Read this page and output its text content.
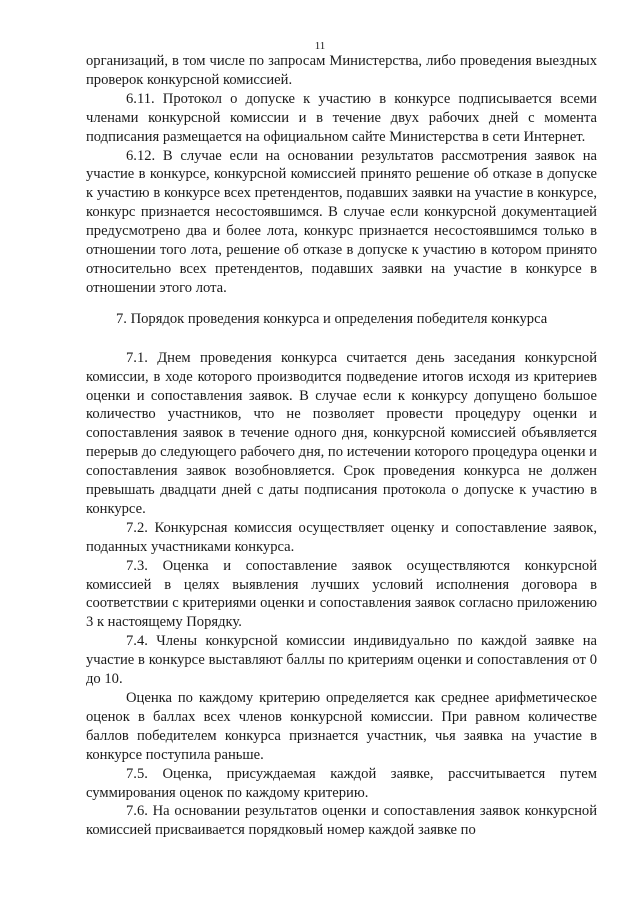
11

организаций, в том числе по запросам Министерства, либо проведения выездных проверок конкурсной комиссией.

6.11. Протокол о допуске к участию в конкурсе подписывается всеми членами конкурсной комиссии и в течение двух рабочих дней с момента подписания размещается на официальном сайте Министерства в сети Интернет.

6.12. В случае если на основании результатов рассмотрения заявок на участие в конкурсе, конкурсной комиссией принято решение об отказе в допуске к участию в конкурсе всех претендентов, подавших заявки на участие в конкурсе, конкурс признается несостоявшимся. В случае если конкурсной документацией предусмотрено два и более лота, конкурс признается несостоявшимся только в отношении того лота, решение об отказе в допуске к участию в котором принято относительно всех претендентов, подавших заявки на участие в конкурсе в отношении этого лота.

7. Порядок проведения конкурса и определения победителя конкурса

7.1. Днем проведения конкурса считается день заседания конкурсной комиссии, в ходе которого производится подведение итогов исходя из критериев оценки и сопоставления заявок. В случае если к конкурсу допущено большое количество участников, что не позволяет провести процедуру оценки и сопоставления заявок в течение одного дня, конкурсной комиссией объявляется перерыв до следующего рабочего дня, по истечении которого процедура оценки и сопоставления заявок возобновляется. Срок проведения конкурса не должен превышать двадцати дней с даты подписания протокола о допуске к участию в конкурсе.

7.2. Конкурсная комиссия осуществляет оценку и сопоставление заявок, поданных участниками конкурса.

7.3. Оценка и сопоставление заявок осуществляются конкурсной комиссией в целях выявления лучших условий исполнения договора в соответствии с критериями оценки и сопоставления заявок согласно приложению 3 к настоящему Порядку.

7.4. Члены конкурсной комиссии индивидуально по каждой заявке на участие в конкурсе выставляют баллы по критериям оценки и сопоставления от 0 до 10.

Оценка по каждому критерию определяется как среднее арифметическое оценок в баллах всех членов конкурсной комиссии. При равном количестве баллов победителем конкурса признается участник, чья заявка на участие в конкурсе поступила раньше.

7.5. Оценка, присуждаемая каждой заявке, рассчитывается путем суммирования оценок по каждому критерию.

7.6. На основании результатов оценки и сопоставления заявок конкурсной комиссией присваивается порядковый номер каждой заявке по
